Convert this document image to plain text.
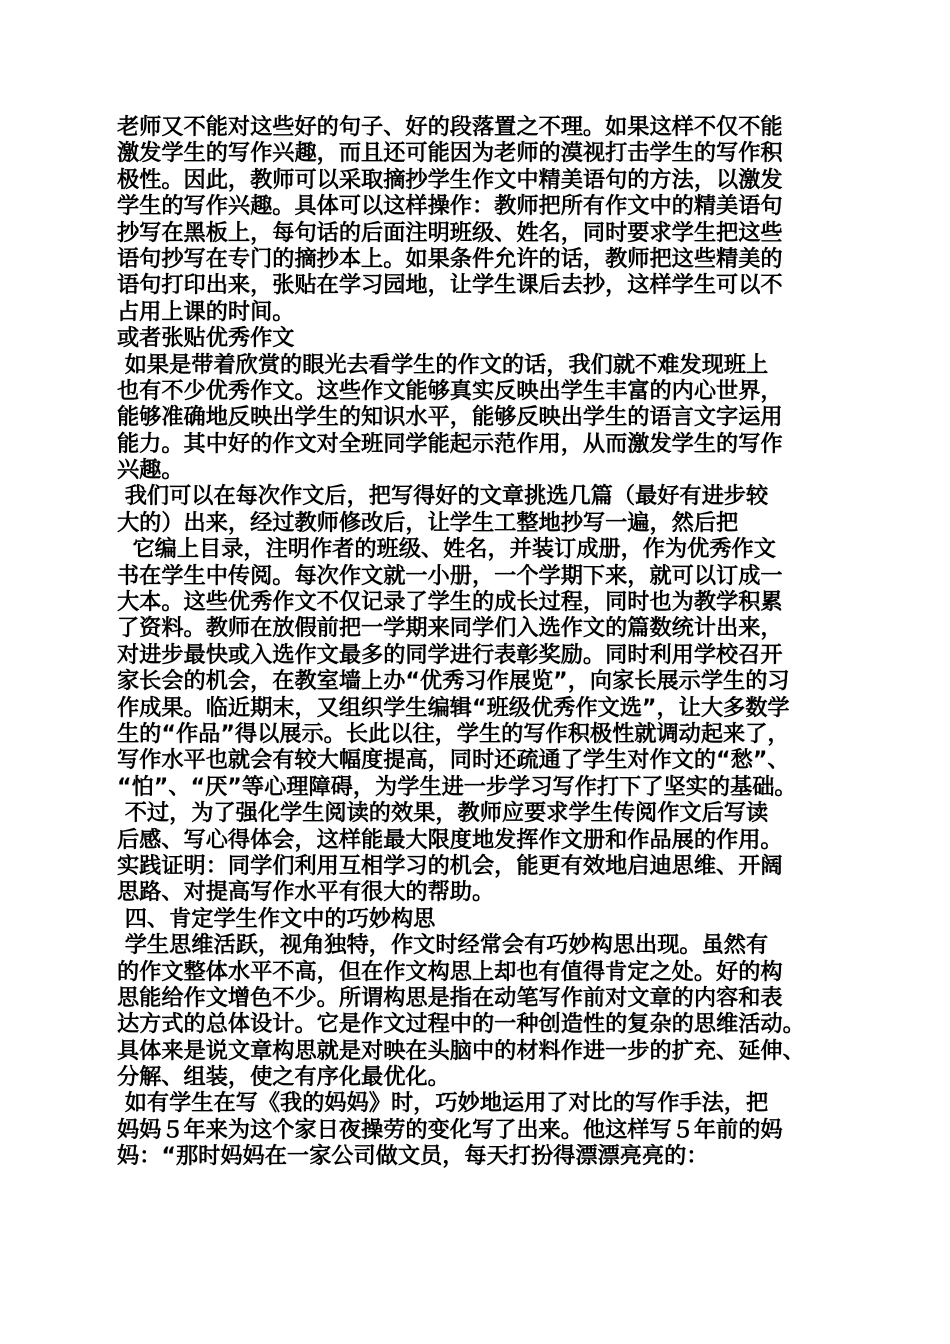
老师又不能对这些好的句子、好的段落置之不理。如果这样不仅不能
激发学生的写作兴趣，而且还可能因为老师的漠视打击学生的写作积
极性。因此，教师可以采取摘抄学生作文中精美语句的方法，以激发
学生的写作兴趣。具体可以这样操作：教师把所有作文中的精美语句
抄写在黑板上，每句话的后面注明班级、姓名，同时要求学生把这些
语句抄写在专门的摘抄本上。如果条件允许的话，教师把这些精美的
语句打印出来，张贴在学习园地，让学生课后去抄，这样学生可以不
占用上课的时间。
或者张贴优秀作文
如果是带着欣赏的眼光去看学生的作文的话，我们就不难发现班上
也有不少优秀作文。这些作文能够真实反映出学生丰富的内心世界，
能够准确地反映出学生的知识水平，能够反映出学生的语言文字运用
能力。其中好的作文对全班同学能起示范作用，从而激发学生的写作
兴趣。
我们可以在每次作文后，把写得好的文章挑选几篇（最好有进步较
大的）出来，经过教师修改后，让学生工整地抄写一遍，然后把
它编上目录，注明作者的班级、姓名，并装订成册，作为优秀作文
书在学生中传阅。每次作文就一小册，一个学期下来，就可以订成一
大本。这些优秀作文不仅记录了学生的成长过程，同时也为教学积累
了资料。教师在放假前把一学期来同学们入选作文的篇数统计出来，
对进步最快或入选作文最多的同学进行表彰奖励。同时利用学校召开
家长会的机会，在教室墙上办“优秀习作展览”，向家长展示学生的习
作成果。临近期末，又组织学生编辑“班级优秀作文选”，让大多数学
生的“作品”得以展示。长此以往，学生的写作积极性就调动起来了，
写作水平也就会有较大幅度提高，同时还疏通了学生对作文的“愁”、
“怕”、“厌”等心理障碍，为学生进一步学习写作打下了坚实的基础。
不过，为了强化学生阅读的效果，教师应要求学生传阅作文后写读
后感、写心得体会，这样能最大限度地发挥作文册和作品展的作用。
实践证明：同学们利用互相学习的机会，能更有效地启迪思维、开阔
思路、对提高写作水平有很大的帮助。
四、肯定学生作文中的巧妙构思
学生思维活跃，视角独特，作文时经常会有巧妙构思出现。虽然有
的作文整体水平不高，但在作文构思上却也有值得肯定之处。好的构
思能给作文增色不少。所谓构思是指在动笔写作前对文章的内容和表
达方式的总体设计。它是作文过程中的一种创造性的复杂的思维活动。
具体来是说文章构思就是对映在头脑中的材料作进一步的扩充、延伸、
分解、组装，使之有序化最优化。
如有学生在写《我的妈妈》时，巧妙地运用了对比的写作手法，把
妈妈５年来为这个家日夜操劳的变化写了出来。他这样写５年前的妈
妈：“那时妈妈在一家公司做文员，每天打扮得漂漂亮亮的：
